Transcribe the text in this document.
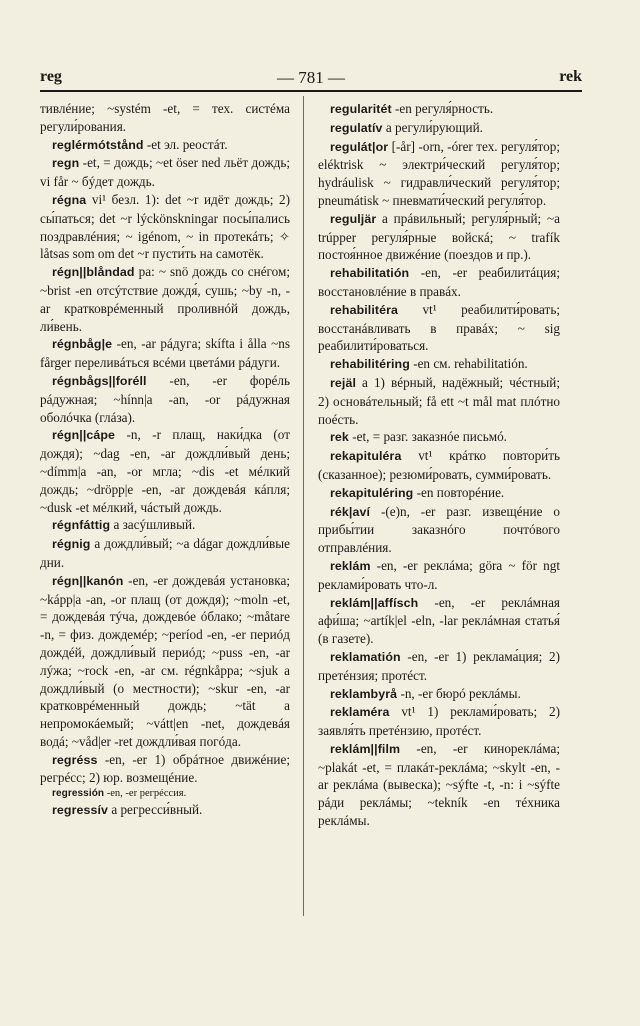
reg	— 781 —	rek

тивлéние; ~systém -et, = тех. систéма регули́рования.

reglérmótstånd -et эл. реостáт.

regn -et, = дождь; ~et öser ned льёт дождь; vi får ~ бýдет дождь.

régna vi¹ безл. 1): det ~r идёт дождь; 2) сы́паться; det ~r lýckönskningar посы́пались поздравлéния; ~ igénom, ~ in протекáть; ✧ låtsas som om det ~r пусти́ть на самотёк.

régn||blåndad pa: ~ snö дождь со снéгом; ~brist -en отсýтствие дождя́, сушь; ~by -n, -ar кратковрéменный проливнóй дождь, ли́вень.

régnbåg|e -en, -ar рáдуга; skífta i ålla ~ns fårger переливáться всéми цветáми рáдуги.

régnbågs||foréll -en, -er форéль рáдужная; ~hínn|a -an, -or рáдужная оболóчка (глáза).

régn||cápe -n, -r плащ, наки́дка (от дождя); ~dag -en, -ar дождли́вый день; ~dímm|a -an, -or мгла; ~dis -et мéлкий дождь; ~dröpp|e -en, -ar дождевáя кáпля; ~dusk -et мéлкий, чáстый дождь.

régnfáttig a засýшливый.

régnig a дождли́вый; ~a dágar дождли́вые дни.

régn||kanón -en, -er дождевáя установка; ~kápp|a -an, -or плащ (от дождя); ~moln -et, = дождевáя тýча, дождевóе óблако; ~måtare -n, = физ. дождемéр; ~períod -en, -er периóд дождéй, дождли́вый периóд; ~puss -en, -ar лýжа; ~rock -en, -ar см. régnkåppa; ~sjuk a дождли́вый (о местности); ~skur -en, -ar кратковрéменный дождь; ~tät a непромокáемый; ~vátt|en -net, дождевáя водá; ~våd|er -ret дождли́вая погóда.

regréss -en, -er 1) обрáтное движéние; регрéсс; 2) юр. возмещéние.

regressión -en, -er регрéссия.

regressív a регресси́вный.

regularitét -en регуля́рность.

regulatív a регули́рующий.

regulát|or [-år] -orn, -órer тех. регуля́тор; eléktrisk ~ электри́ческий регуля́тор; hydráulisk ~ гидравли́ческий регуля́тор; pneumátisk ~ пневмати́ческий регуля́тор.

regulјär a прáвильный; регуля́рный; ~a trúpper регуля́рные войскá; ~ trafík постоя́нное движéние (поездов и пр.).

rehabilitatión -en, -er реабилитáция; восстановлéние в правáх.

rehabilitéra vt¹ реабилити́ровать; восстанáвливать в правáх; ~ sig реабилити́роваться.

rehabilitéring -en см. rehabilitatión.

rejäl a 1) вéрный, надёжный; чéстный; 2) основáтельный; få ett ~t mål mat плóтно поéсть.

rek -et, = разг. заказнóе письмó.

rekapituléra vt¹ крáтко повтори́ть (сказанное); резюми́ровать, сумми́ровать.

rekapituléring -en повторéние.

rék|aví -(e)n, -er разг. извещéние о прибы́тии заказнóго почтóвого отправлéния.

reklám -en, -er реклáма; göra ~ för ngt реклами́ровать что-л.

reklám||affísch -en, -er реклáмная афи́ша; ~artík|el -eln, -lar реклáмная статья́ (в газете).

reklamatión -en, -er 1) реклама́ция; 2) претéнзия; протéст.

reklambyrå -n, -er бюрó реклáмы.

reklaméra vt¹ 1) реклами́ровать; 2) заявля́ть претéнзию, протéст.

reklám||film -en, -er кинореклáма; ~plakát -et, = плакáт-реклáма; ~skylt -en, -ar реклáма (вывеска); ~sýfte -t, -n: i ~sýfte рáди реклáмы; ~tekník -en тéхника реклáмы.
